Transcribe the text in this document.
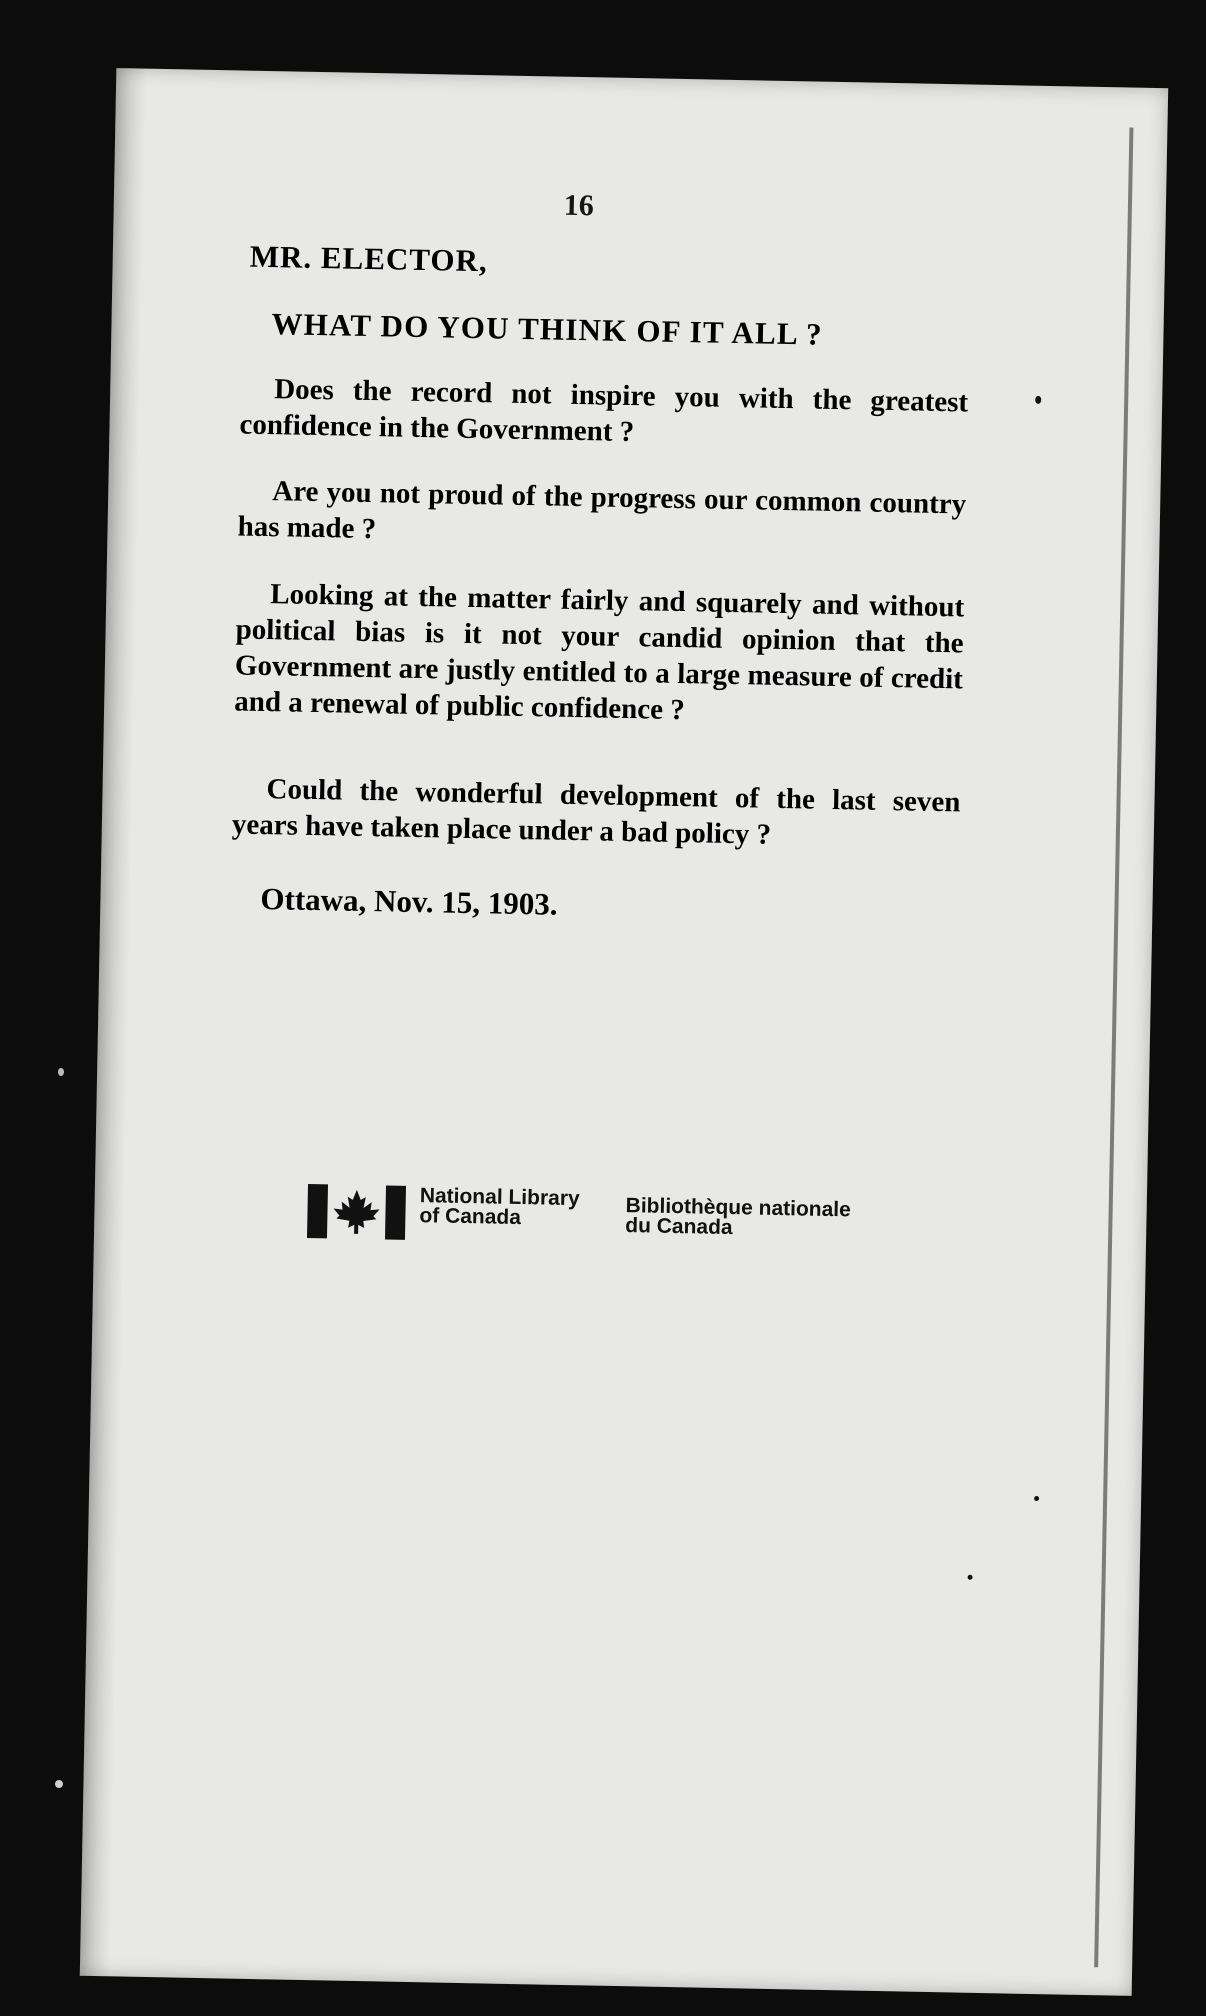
16
MR. ELECTOR,
WHAT DO YOU THINK OF IT ALL ?
Does the record not inspire you with the greatest confidence in the Government ?
Are you not proud of the progress our common country has made ?
Looking at the matter fairly and squarely and without political bias is it not your candid opinion that the Government are justly entitled to a large measure of credit and a renewal of public confidence ?
Could the wonderful development of the last seven years have taken place under a bad policy ?
Ottawa, Nov. 15, 1903.
National Library
of Canada	Bibliothèque nationale
du Canada
